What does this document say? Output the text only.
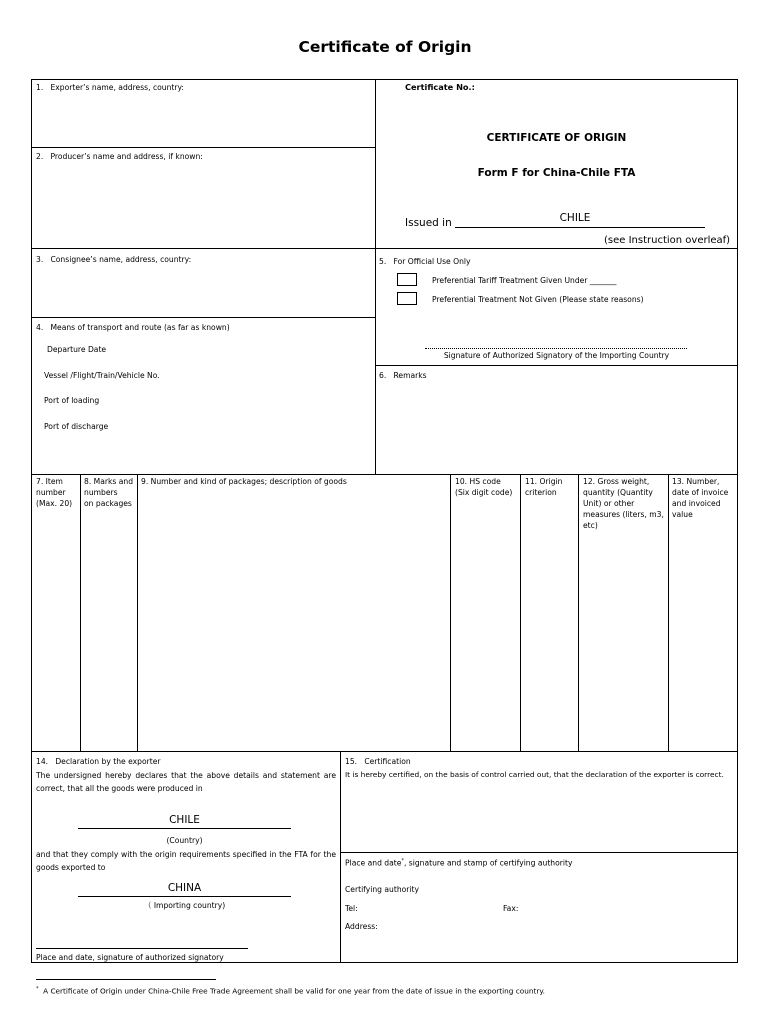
Certificate of Origin
1.   Exporter’s name, address, country:	Certificate No.:
CERTIFICATE OF ORIGIN
Form F for China-Chile FTA
Issued in	CHILE
(see Instruction overleaf)
2.   Producer’s name and address, if known:
3.   Consignee’s name, address, country:
4.   Means of transport and route (as far as known)
Departure Date
Vessel /Flight/Train/Vehicle No.
Port of loading
Port of discharge
5.   For Official Use Only
Preferential Tariff Treatment Given Under _______
Preferential Treatment Not Given (Please state reasons)
Signature of Authorized Signatory of the Importing Country
6.   Remarks
7. Item
number
(Max. 20)
8. Marks and
numbers
on packages
9. Number and kind of packages; description of goods	10. HS code
(Six digit code)
11. Origin
criterion
12. Gross weight,
quantity (Quantity
Unit) or other
measures (liters, m3,
etc)
13. Number,
date of invoice
and invoiced
value
14.   Declaration by the exporter
The undersigned hereby declares that the above details and statement are correct, that all the goods were produced in
CHILE
(Country)
and that they comply with the origin requirements specified in the FTA for the goods exported to
CHINA
（ Importing country)
Place and date, signature of authorized signatory
15.   Certification
It is hereby certified, on the basis of control carried out, that the declaration of the exporter is correct.
Place and date*, signature and stamp of certifying authority
Certifying authority
Tel:	Fax:
Address:
* A Certificate of Origin under China-Chile Free Trade Agreement shall be valid for one year from the date of issue in the exporting country.
